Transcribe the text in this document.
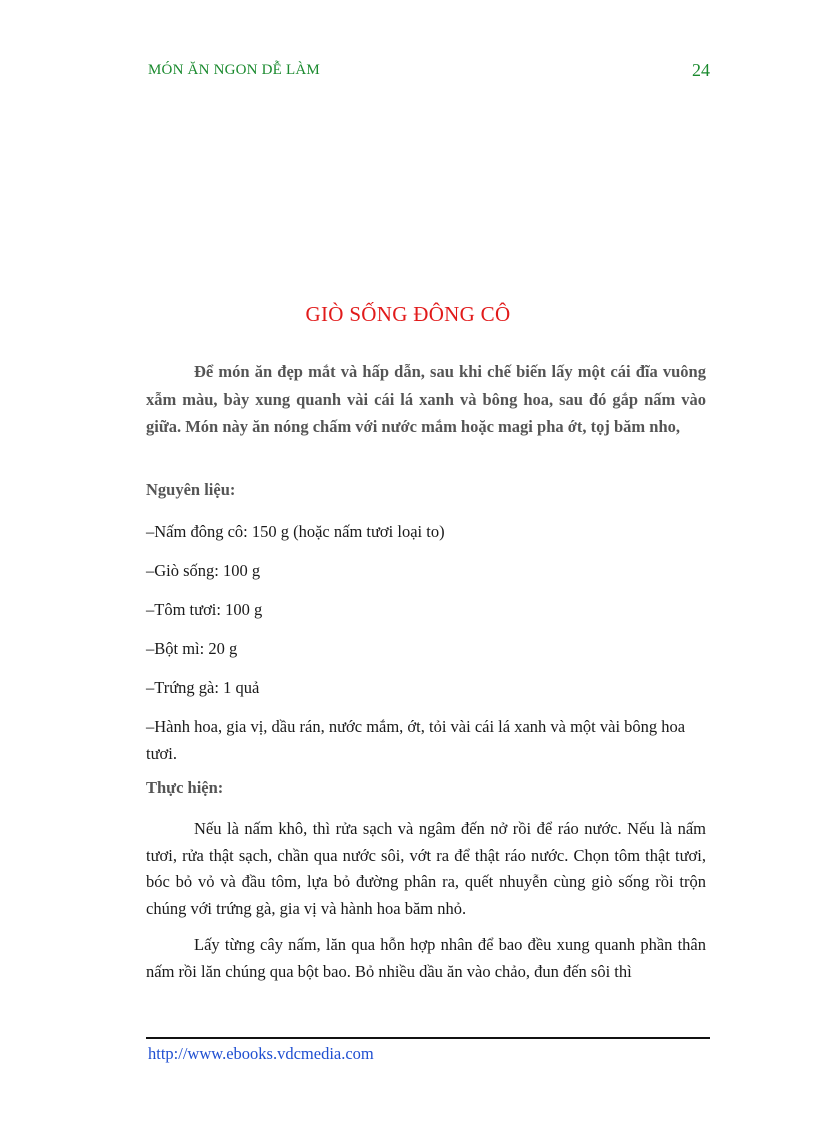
MÓN ĂN NGON DỄ LÀM	24
GIÒ SỐNG ĐÔNG CÔ
Để món ăn đẹp mắt và hấp dẫn, sau khi chế biến lấy một cái đĩa vuông xẫm màu, bày xung quanh vài cái lá xanh và bông hoa, sau đó gắp nấm vào giữa. Món này ăn nóng chấm với nước mắm hoặc magi pha ớt, tọj băm nho,
Nguyên liệu:
–Nấm đông cô: 150 g (hoặc nấm tươi loại to)
–Giò sống: 100 g
–Tôm tươi: 100 g
–Bột mì: 20 g
–Trứng gà: 1 quả
–Hành hoa, gia vị, dầu rán, nước mắm, ớt, tỏi vài cái lá xanh và một vài bông hoa tươi.
Thực hiện:
Nếu là nấm khô, thì rửa sạch và ngâm đến nở rồi để ráo nước. Nếu là nấm tươi, rửa thật sạch, chần qua nước sôi, vớt ra để thật ráo nước. Chọn tôm thật tươi, bóc bỏ vỏ và đầu tôm, lựa bỏ đường phân ra, quết nhuyễn cùng giò sống rồi trộn chúng với trứng gà, gia vị và hành hoa băm nhỏ.
Lấy từng cây nấm, lăn qua hỗn hợp nhân để bao đều xung quanh phần thân nấm rồi lăn chúng qua bột bao. Bỏ nhiều dầu ăn vào chảo, đun đến sôi thì
http://www.ebooks.vdcmedia.com
